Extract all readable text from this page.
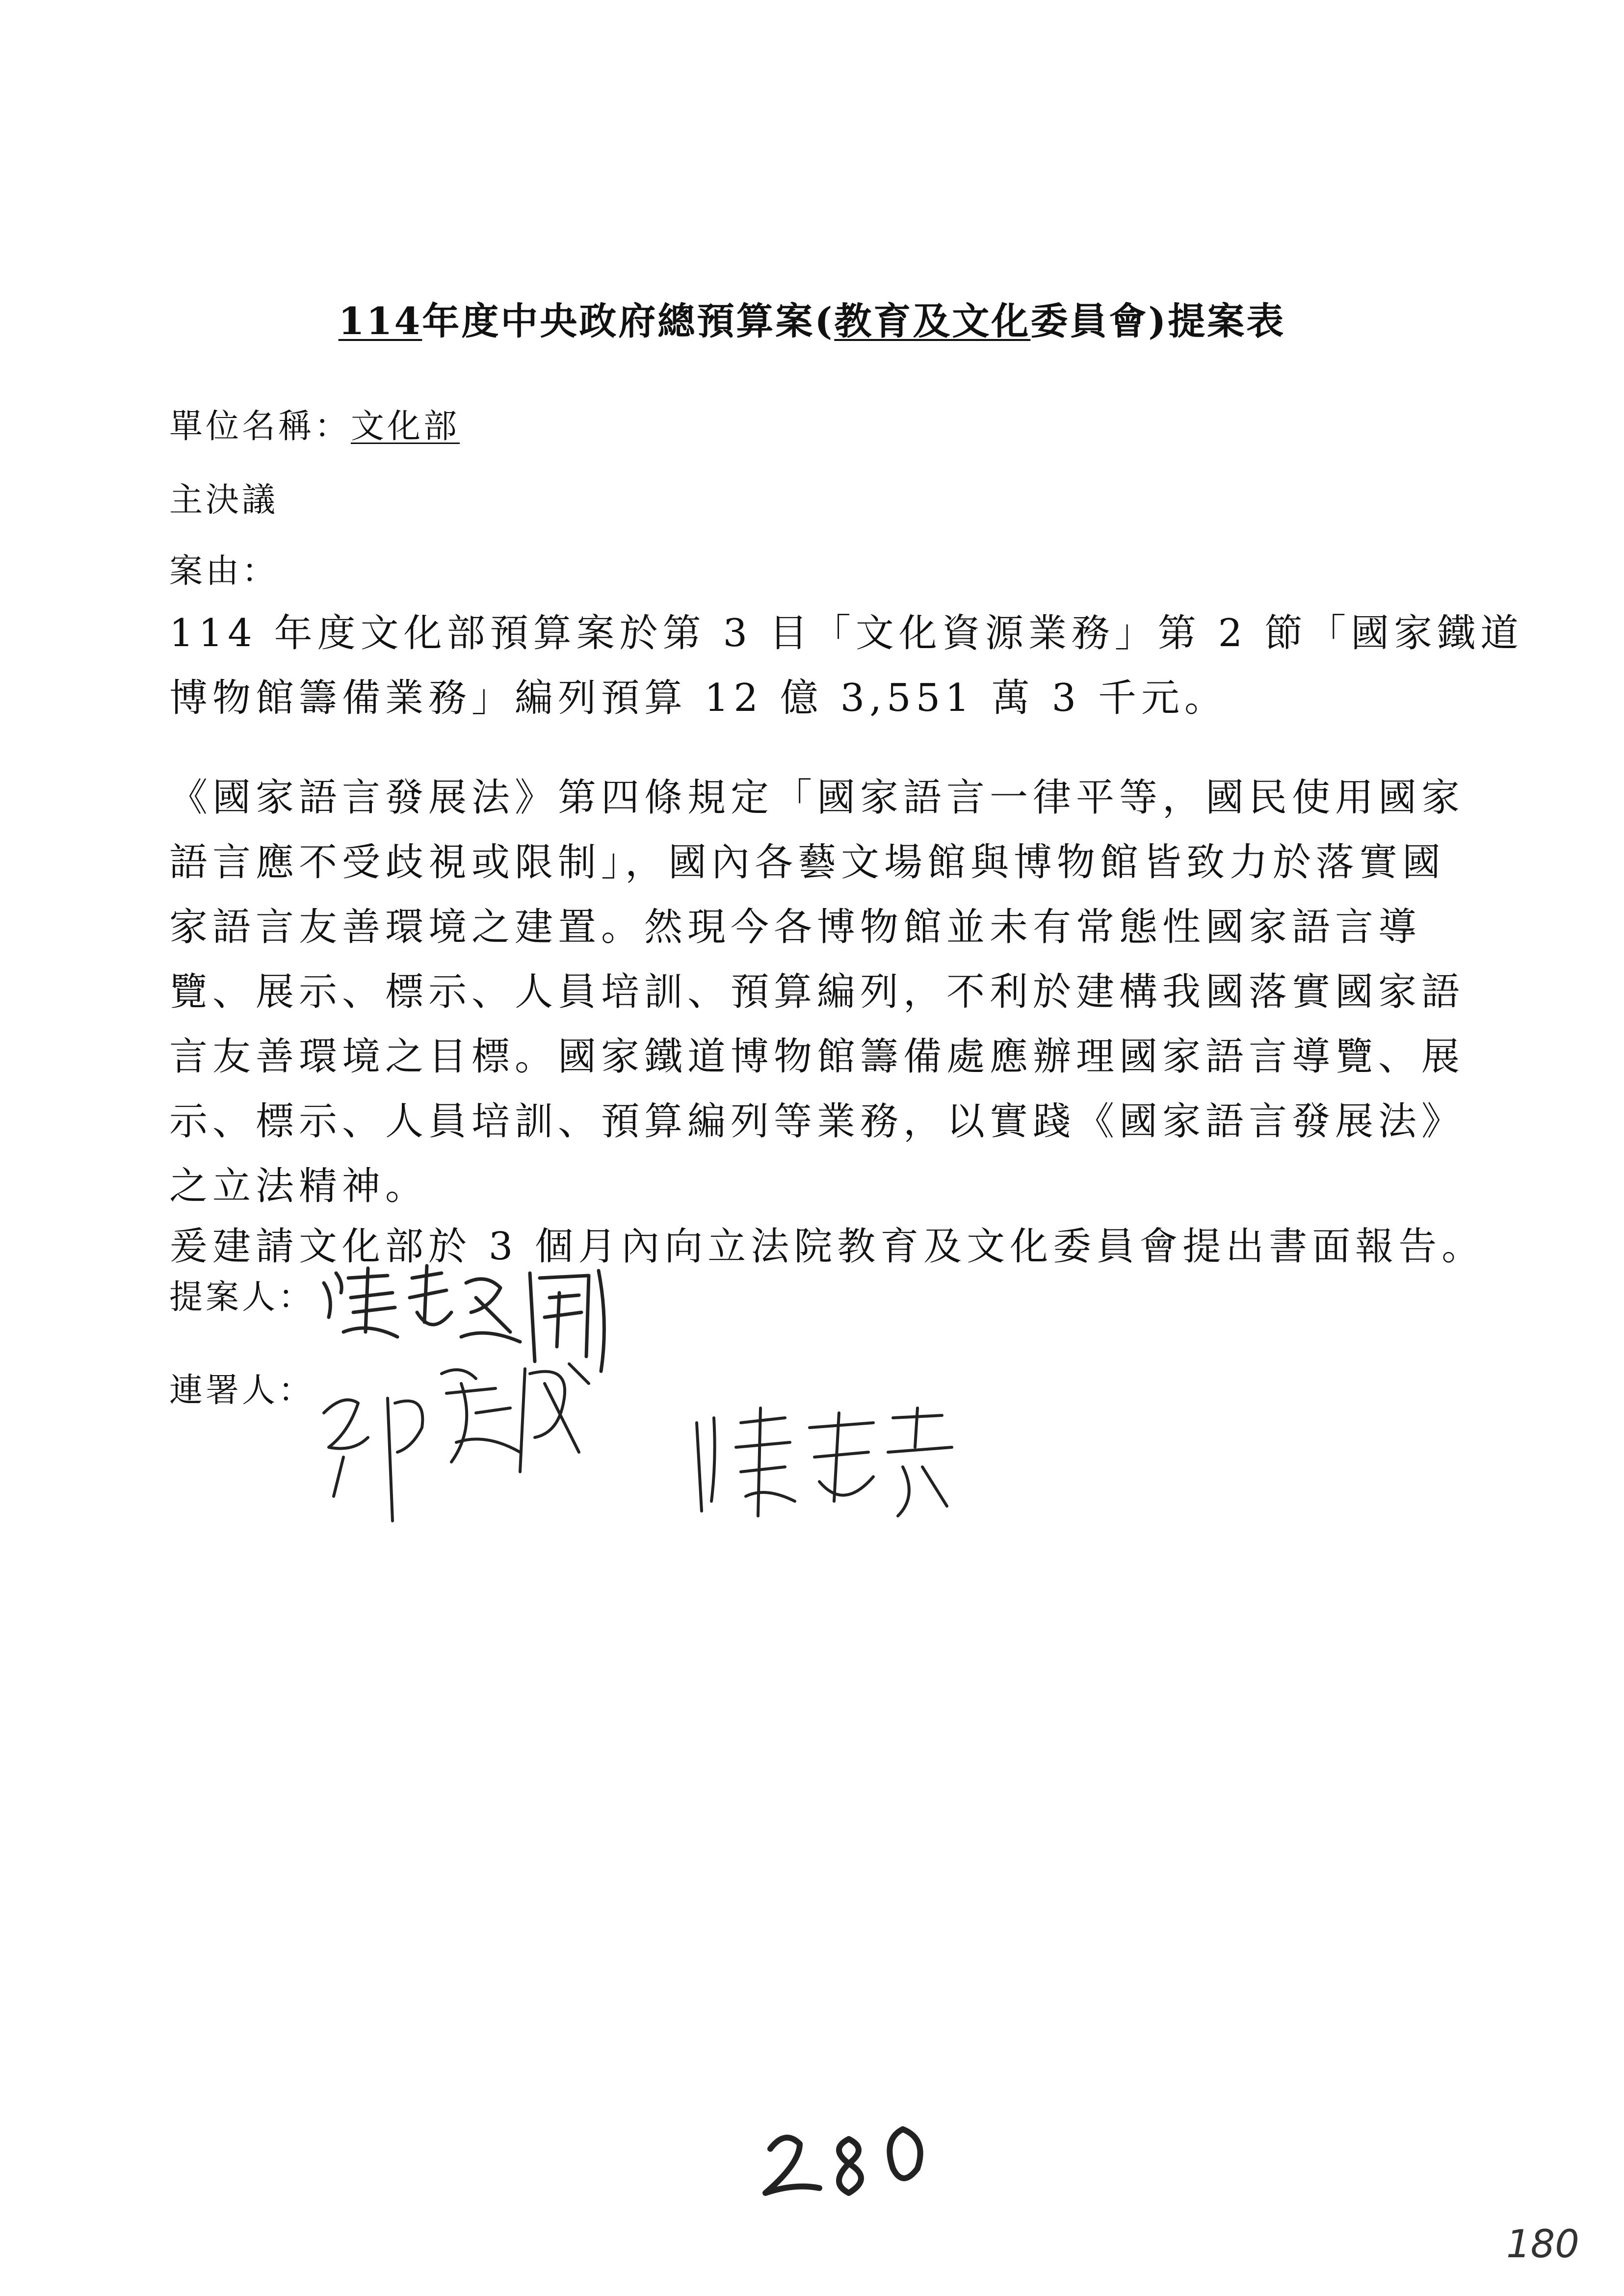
114年度中央政府總預算案(教育及文化委員會)提案表
單位名稱：文化部
主決議
案由：
114 年度文化部預算案於第 3 目「文化資源業務」第 2 節「國家鐵道
博物館籌備業務」編列預算 12 億 3,551 萬 3 千元。
《國家語言發展法》第四條規定「國家語言一律平等，國民使用國家
語言應不受歧視或限制」，國內各藝文場館與博物館皆致力於落實國
家語言友善環境之建置。然現今各博物館並未有常態性國家語言導
覽、展示、標示、人員培訓、預算編列，不利於建構我國落實國家語
言友善環境之目標。國家鐵道博物館籌備處應辦理國家語言導覽、展
示、標示、人員培訓、預算編列等業務，以實踐《國家語言發展法》
之立法精神。
爰建請文化部於 3 個月內向立法院教育及文化委員會提出書面報告。
提案人：
連署人：
180
